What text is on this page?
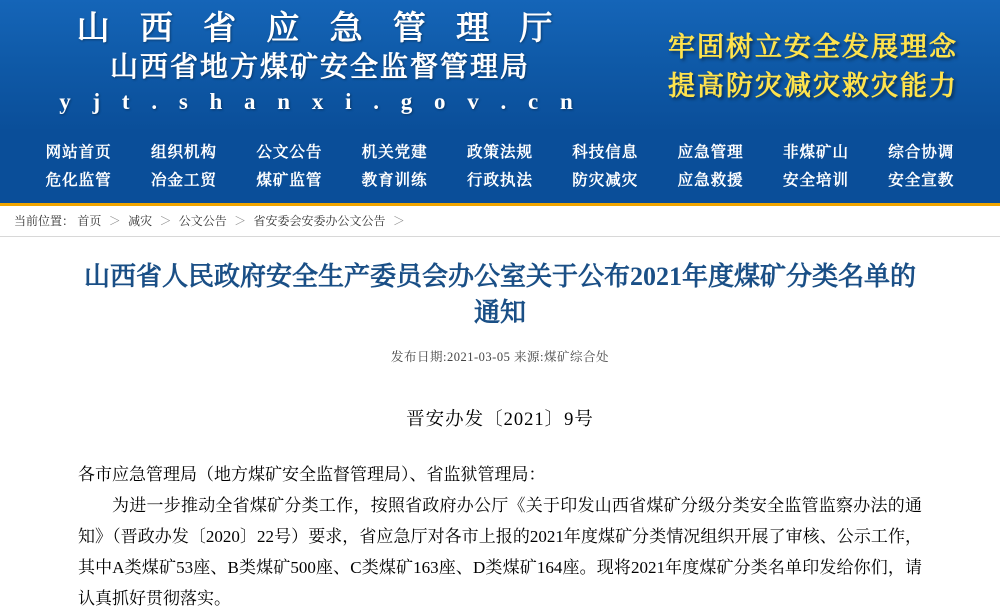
山 西 省 应 急 管 理 厅
山西省地方煤矿安全监督管理局
y j t . s h a n x i . g o v . c n
牢固树立安全发展理念
提高防灾减灾救灾能力
网站首页	组织机构	公文公告	机关党建	政策法规	科技信息	应急管理	非煤矿山	综合协调
危化监管	冶金工贸	煤矿监管	教育训练	行政执法	防灾减灾	应急救援	安全培训	安全宣教
当前位置： 首页 ＞ 减灾 ＞ 公文公告 ＞ 省安委会安委办公文公告 ＞
山西省人民政府安全生产委员会办公室关于公布2021年度煤矿分类名单的通知
发布日期:2021-03-05 来源:煤矿综合处
晋安办发〔2021〕9号

各市应急管理局（地方煤矿安全监督管理局）、省监狱管理局：

为进一步推动全省煤矿分类工作，按照省政府办公厅《关于印发山西省煤矿分级分类安全监管监察办法的通知》（晋政办发〔2020〕22号）要求，省应急厅对各市上报的2021年度煤矿分类情况组织开展了审核、公示工作，其中A类煤矿53座、B类煤矿500座、C类煤矿163座、D类煤矿164座。现将2021年度煤矿分类名单印发给你们，请认真抓好贯彻落实。
